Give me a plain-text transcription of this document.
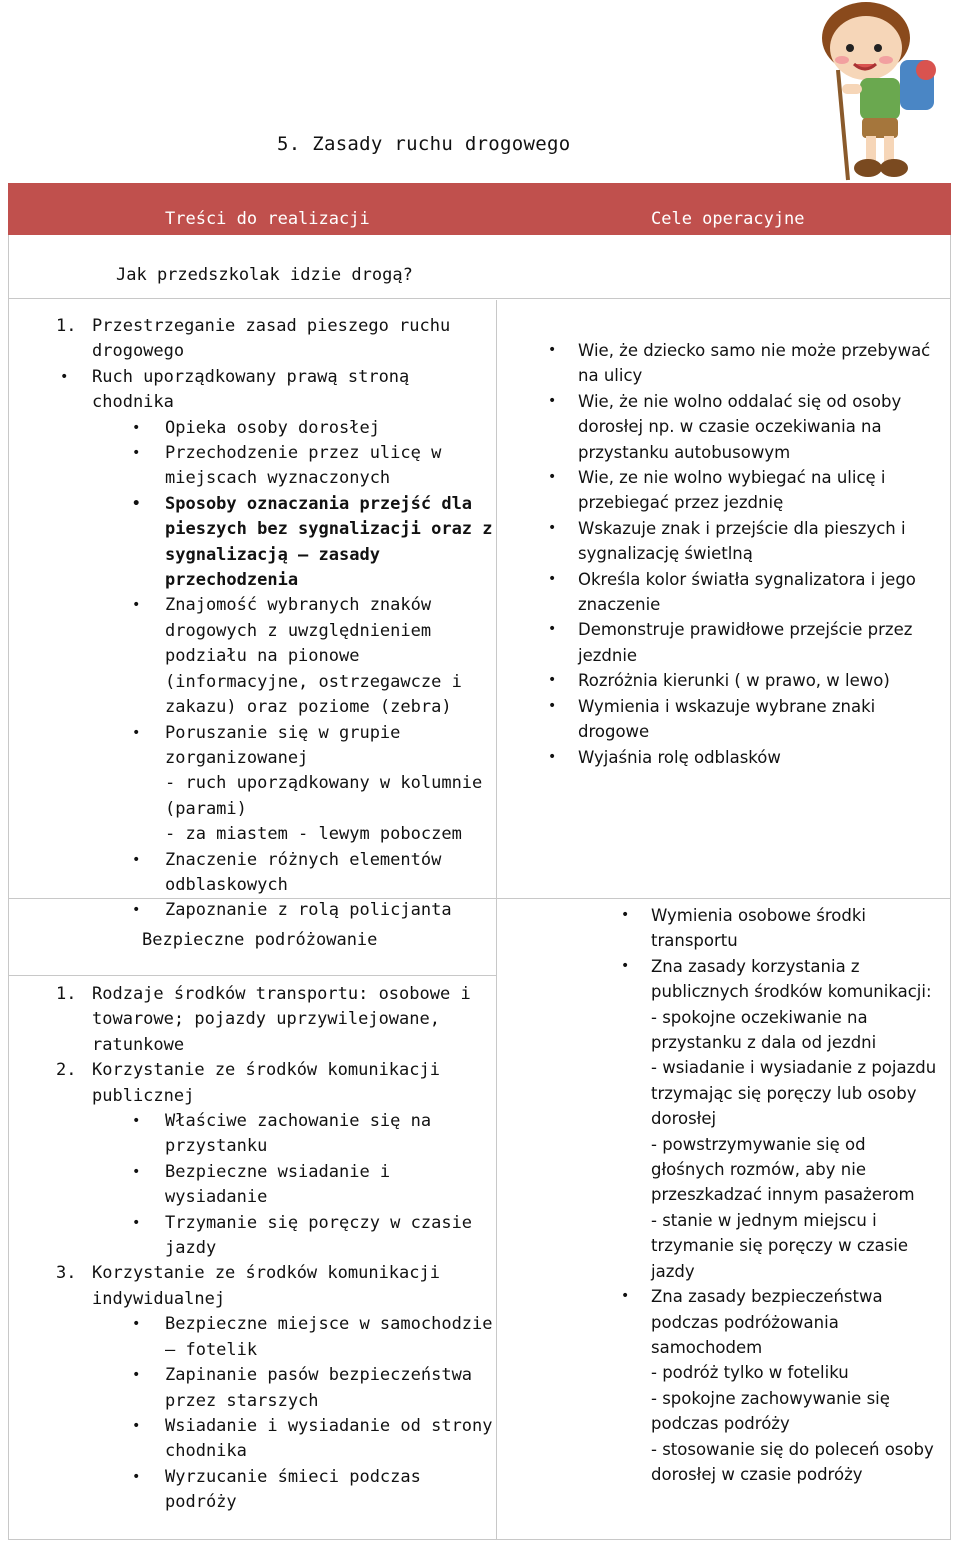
5. Zasady ruchu drogowego
Treści do realizacji	Cele operacyjne
Jak przedszkolak idzie drogą?
1. Przestrzeganie zasad pieszego ruchu drogowego
• Ruch uporządkowany prawą stroną chodnika
• Opieka osoby dorosłej
• Przechodzenie przez ulicę w miejscach wyznaczonych
• Sposoby oznaczania przejść dla pieszych bez sygnalizacji oraz z sygnalizacją – zasady przechodzenia
• Znajomość wybranych znaków drogowych z uwzględnieniem podziału na pionowe (informacyjne, ostrzegawcze i zakazu) oraz poziome (zebra)
• Poruszanie się w grupie zorganizowanej
- ruch uporządkowany w kolumnie (parami)
- za miastem - lewym poboczem
• Znaczenie różnych elementów odblaskowych
• Zapoznanie z rolą policjanta
• Wie, że dziecko samo nie może przebywać na ulicy
• Wie, że nie wolno oddalać się od osoby dorosłej np. w czasie oczekiwania na przystanku autobusowym
• Wie, ze nie wolno wybiegać na ulicę i przebiegać przez jezdnię
• Wskazuje znak i przejście dla pieszych i sygnalizację świetlną
• Określa kolor światła sygnalizatora i jego znaczenie
• Demonstruje prawidłowe przejście przez jezdnie
• Rozróżnia kierunki ( w prawo, w lewo)
• Wymienia i wskazuje wybrane znaki drogowe
• Wyjaśnia rolę odblasków
Bezpieczne podróżowanie
1. Rodzaje środków transportu: osobowe i towarowe; pojazdy uprzywilejowane, ratunkowe
2. Korzystanie ze środków komunikacji publicznej
• Właściwe zachowanie się na przystanku
• Bezpieczne wsiadanie i wysiadanie
• Trzymanie się poręczy w czasie jazdy
3. Korzystanie ze środków komunikacji indywidualnej
• Bezpieczne miejsce w samochodzie – fotelik
• Zapinanie pasów bezpieczeństwa przez starszych
• Wsiadanie i wysiadanie od strony chodnika
• Wyrzucanie śmieci podczas podróży
• Wymienia osobowe środki transportu
• Zna zasady korzystania z publicznych środków komunikacji:
- spokojne oczekiwanie na przystanku z dala od jezdni
- wsiadanie i wysiadanie z pojazdu trzymając się poręczy lub osoby dorosłej
- powstrzymywanie się od głośnych rozmów, aby nie przeszkadzać innym pasażerom
- stanie w jednym miejscu i trzymanie się poręczy w czasie jazdy
• Zna zasady bezpieczeństwa podczas podróżowania samochodem
- podróż tylko w foteliku
- spokojne zachowywanie się podczas podróży
- stosowanie się do poleceń osoby dorosłej w czasie podróży
